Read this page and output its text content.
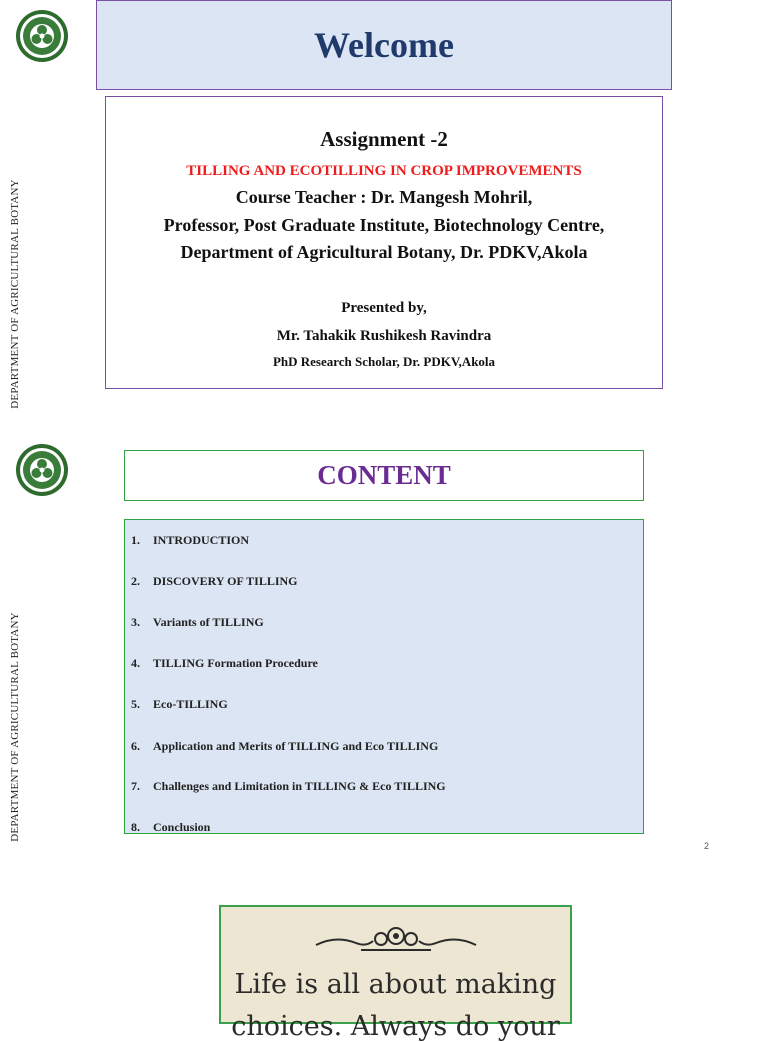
DEPARTMENT OF AGRICULTURAL BOTANY
Welcome
Assignment -2
TILLING AND ECOTILLING IN CROP IMPROVEMENTS
Course Teacher : Dr. Mangesh Mohril,
Professor, Post Graduate Institute, Biotechnology Centre,
Department of Agricultural Botany, Dr. PDKV,Akola
Presented by,
Mr. Tahakik Rushikesh Ravindra
PhD Research Scholar, Dr. PDKV,Akola
DEPARTMENT OF AGRICULTURAL BOTANY
CONTENT
1. INTRODUCTION
2. DISCOVERY OF TILLING
3. Variants of TILLING
4. TILLING Formation Procedure
5. Eco-TILLING
6. Application and Merits of TILLING and Eco TILLING
7. Challenges and Limitation in TILLING & Eco TILLING
8. Conclusion
2
Life is all about making
choices. Always do your
